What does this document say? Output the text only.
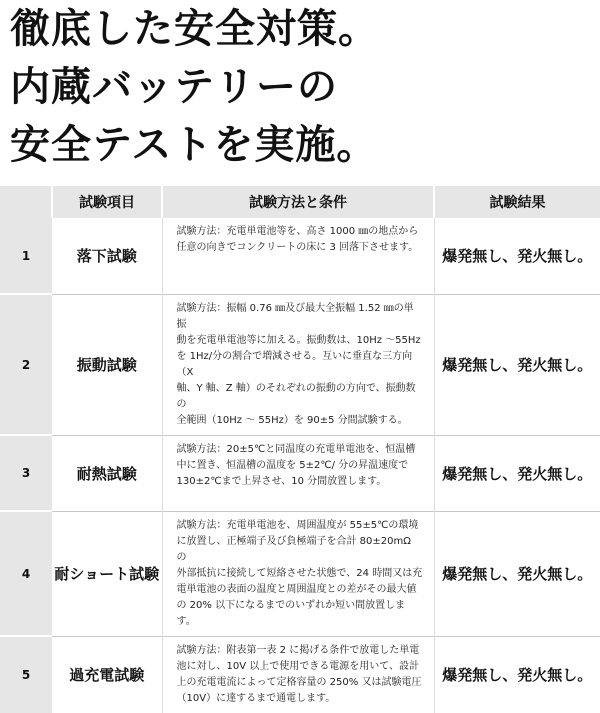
徹底した安全対策。
内蔵バッテリーの
安全テストを実施。
	試験項目	試験方法と条件	試験結果
1	落下試験	試験方法：充電単電池等を、高さ 1000 ㎜の地点から
任意の向きでコンクリートの床に 3 回落下させます。	爆発無し、発火無し。
2	振動試験	試験方法：振幅 0.76 ㎜及び最大全振幅 1.52 ㎜の単振
動を充電単電池等に加える。振動数は、10Hz ～55Hz
を 1Hz/分の割合で増減させる。互いに垂直な三方向（X
軸、Y 軸、Z 軸）のそれぞれの振動の方向で、振動数の
全範囲（10Hz ～ 55Hz）を 90±5 分間試験する。	爆発無し、発火無し。
3	耐熱試験	試験方法：20±5℃と同温度の充電単電池を、恒温槽
中に置き、恒温槽の温度を 5±2℃/ 分の昇温速度で
130±2℃まで上昇させ、10 分間放置します。	爆発無し、発火無し。
4	耐ショート試験	試験方法：充電単電池を、周囲温度が 55±5℃の環境
に放置し、正極端子及び負極端子を合計 80±20mΩ の
外部抵抗に接続して短絡させた状態で、24 時間又は充
電単電池の表面の温度と周囲温度との差がその最大値
の 20% 以下になるまでのいずれか短い間放置します。	爆発無し、発火無し。
5	過充電試験	試験方法：附表第一表 2 に掲げる条件で放電した単電
池に対し、10V 以上で使用できる電源を用いて、設計
上の充電電流によって定格容量の 250% 又は試験電圧
（10V）に達するまで通電します。	爆発無し、発火無し。
